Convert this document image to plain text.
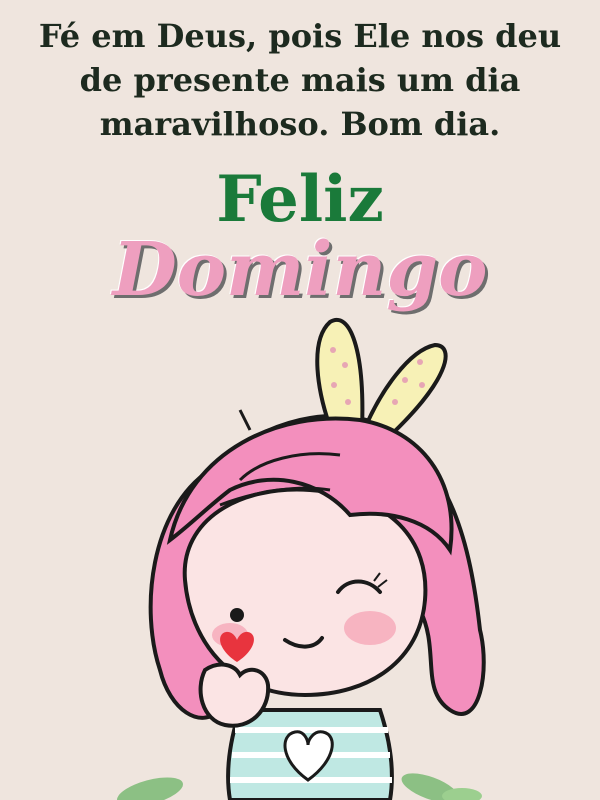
Fé em Deus, pois Ele nos deu
de presente mais um dia
maravilhoso. Bom dia.
Feliz
Domingo
